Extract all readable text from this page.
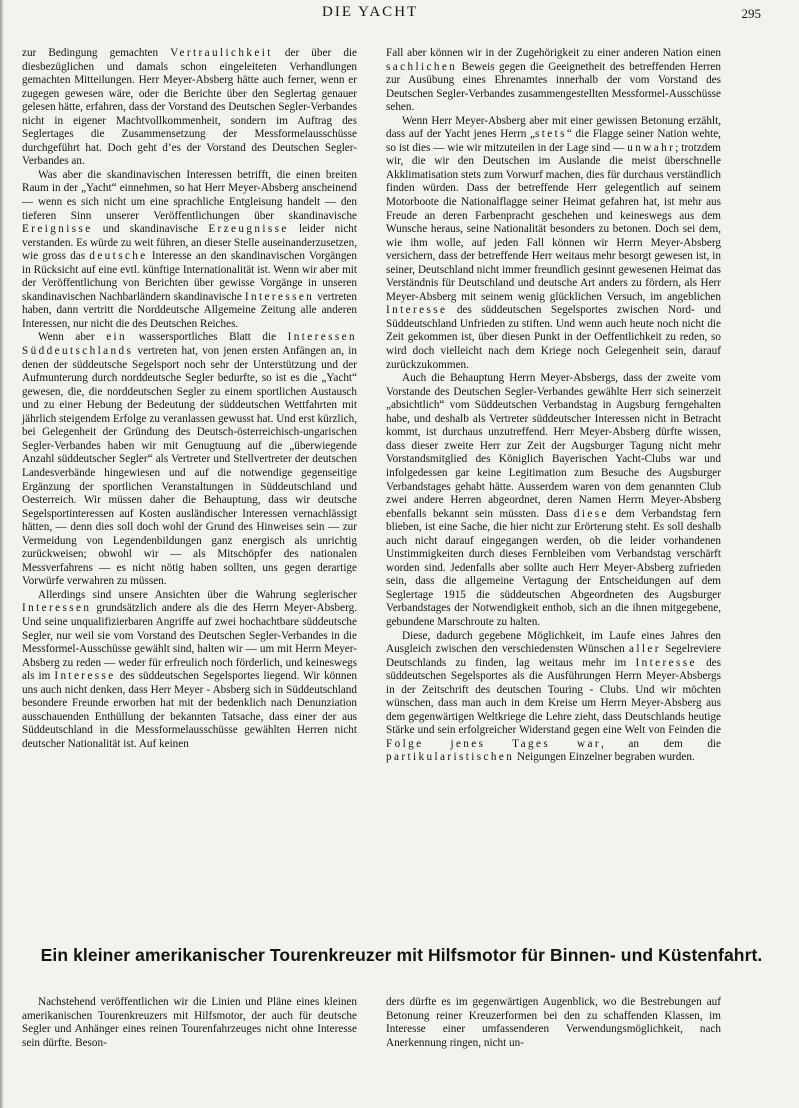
DIE YACHT	295

zur Bedingung gemachten Vertraulichkeit der über die diesbezüglichen und damals schon eingeleiteten Verhandlungen gemachten Mitteilungen. Herr Meyer-Absberg hätte auch ferner, wenn er zugegen gewesen wäre, oder die Berichte über den Seglertag genauer gelesen hätte, erfahren, dass der Vorstand des Deutschen Segler-Verbandes nicht in eigener Machtvollkommenheit, sondern im Auftrag des Seglertages die Zusammensetzung der Messformelausschüsse durchgeführt hat. Doch geht d’es der Vorstand des Deutschen Segler-Verbandes an.

Was aber die skandinavischen Interessen betrifft, die einen breiten Raum in der „Yacht“ einnehmen, so hat Herr Meyer-Absberg anscheinend — wenn es sich nicht um eine sprachliche Entgleisung handelt — den tieferen Sinn unserer Veröffentlichungen über skandinavische Ereignisse und skandinavische Erzeugnisse leider nicht verstanden. Es würde zu weit führen, an dieser Stelle auseinanderzusetzen, wie gross das deutsche Interesse an den skandinavischen Vorgängen in Rücksicht auf eine evtl. künftige Internationalität ist. Wenn wir aber mit der Veröffentlichung von Berichten über gewisse Vorgänge in unseren skandinavischen Nachbarländern skandinavische Interessen vertreten haben, dann vertritt die Norddeutsche Allgemeine Zeitung alle anderen Interessen, nur nicht die des Deutschen Reiches.

Wenn aber ein wassersportliches Blatt die Interessen Süddeutschlands vertreten hat, von jenen ersten Anfängen an, in denen der süddeutsche Segelsport noch sehr der Unterstützung und der Aufmunterung durch norddeutsche Segler bedurfte, so ist es die „Yacht“ gewesen, die, die norddeutschen Segler zu einem sportlichen Austausch und zu einer Hebung der Bedeutung der süddeutschen Wettfahrten mit jährlich steigendem Erfolge zu veranlassen gewusst hat. Und erst kürzlich, bei Gelegenheit der Gründung des Deutsch-österreichisch-ungarischen Segler-Verbandes haben wir mit Genugtuung auf die „überwiegende Anzahl süddeutscher Segler“ als Vertreter und Stellvertreter der deutschen Landesverbände hingewiesen und auf die notwendige gegenseitige Ergänzung der sportlichen Veranstaltungen in Süddeutschland und Oesterreich. Wir müssen daher die Behauptung, dass wir deutsche Segelsportinteressen auf Kosten ausländischer Interessen vernachlässigt hätten, — denn dies soll doch wohl der Grund des Hinweises sein — zur Vermeidung von Legendenbildungen ganz energisch als unrichtig zurückweisen; obwohl wir — als Mitschöpfer des nationalen Messverfahrens — es nicht nötig haben sollten, uns gegen derartige Vorwürfe verwahren zu müssen.

Allerdings sind unsere Ansichten über die Wahrung seglerischer Interessen grundsätzlich andere als die des Herrn Meyer-Absberg. Und seine unqualifizierbaren Angriffe auf zwei hochachtbare süddeutsche Segler, nur weil sie vom Vorstand des Deutschen Segler-Verbandes in die Messformel-Ausschüsse gewählt sind, halten wir — um mit Herrn Meyer-Absberg zu reden — weder für erfreulich noch förderlich, und keineswegs als im Interesse des süddeutschen Segelsportes liegend. Wir können uns auch nicht denken, dass Herr Meyer - Absberg sich in Süddeutschland besondere Freunde erworben hat mit der bedenklich nach Denunziation ausschauenden Enthüllung der bekannten Tatsache, dass einer der aus Süddeutschland in die Messformelausschüsse gewählten Herren nicht deutscher Nationalität ist. Auf keinen

Fall aber können wir in der Zugehörigkeit zu einer anderen Nation einen sachlichen Beweis gegen die Geeignetheit des betreffenden Herren zur Ausübung eines Ehrenamtes innerhalb der vom Vorstand des Deutschen Segler-Verbandes zusammengestellten Messformel-Ausschüsse sehen.

Wenn Herr Meyer-Absberg aber mit einer gewissen Betonung erzählt, dass auf der Yacht jenes Herrn „stets“ die Flagge seiner Nation wehte, so ist dies — wie wir mitzuteilen in der Lage sind — unwahr; trotzdem wir, die wir den Deutschen im Auslande die meist überschnelle Akklimatisation stets zum Vorwurf machen, dies für durchaus verständlich finden würden. Dass der betreffende Herr gelegentlich auf seinem Motorboote die Nationalflagge seiner Heimat gefahren hat, ist mehr aus Freude an deren Farbenpracht geschehen und keineswegs aus dem Wunsche heraus, seine Nationalität besonders zu betonen. Doch sei dem, wie ihm wolle, auf jeden Fall können wir Herrn Meyer-Absberg versichern, dass der betreffende Herr weitaus mehr besorgt gewesen ist, in seiner, Deutschland nicht immer freundlich gesinnt gewesenen Heimat das Verständnis für Deutschland und deutsche Art anders zu fördern, als Herr Meyer-Absberg mit seinem wenig glücklichen Versuch, im angeblichen Interesse des süddeutschen Segelsportes zwischen Nord- und Süddeutschland Unfrieden zu stiften. Und wenn auch heute noch nicht die Zeit gekommen ist, über diesen Punkt in der Oeffentlichkeit zu reden, so wird doch vielleicht nach dem Kriege noch Gelegenheit sein, darauf zurückzukommen.

Auch die Behauptung Herrn Meyer-Absbergs, dass der zweite vom Vorstande des Deutschen Segler-Verbandes gewählte Herr sich seinerzeit „absichtlich“ vom Süddeutschen Verbandstag in Augsburg ferngehalten habe, und deshalb als Vertreter süddeutscher Interessen nicht in Betracht kommt, ist durchaus unzutreffend. Herr Meyer-Absberg dürfte wissen, dass dieser zweite Herr zur Zeit der Augsburger Tagung nicht mehr Vorstandsmitglied des Königlich Bayerischen Yacht-Clubs war und infolgedessen gar keine Legitimation zum Besuche des Augsburger Verbandstages gehabt hätte. Ausserdem waren von dem genannten Club zwei andere Herren abgeordnet, deren Namen Herrn Meyer-Absberg ebenfalls bekannt sein müssten. Dass diese dem Verbandstag fern blieben, ist eine Sache, die hier nicht zur Erörterung steht. Es soll deshalb auch nicht darauf eingegangen werden, ob die leider vorhandenen Unstimmigkeiten durch dieses Fernbleiben vom Verbandstag verschärft worden sind. Jedenfalls aber sollte auch Herr Meyer-Absberg zufrieden sein, dass die allgemeine Vertagung der Entscheidungen auf dem Seglertage 1915 die süddeutschen Abgeordneten des Augsburger Verbandstages der Notwendigkeit enthob, sich an die ihnen mitgegebene, gebundene Marschroute zu halten.

Diese, dadurch gegebene Möglichkeit, im Laufe eines Jahres den Ausgleich zwischen den verschiedensten Wünschen aller Segelreviere Deutschlands zu finden, lag weitaus mehr im Interesse des süddeutschen Segelsportes als die Ausführungen Herrn Meyer-Absbergs in der Zeitschrift des deutschen Touring - Clubs. Und wir möchten wünschen, dass man auch in dem Kreise um Herrn Meyer-Absberg aus dem gegenwärtigen Weltkriege die Lehre zieht, dass Deutschlands heutige Stärke und sein erfolgreicher Widerstand gegen eine Welt von Feinden die Folge jenes Tages war, an dem die partikularistischen Neigungen Einzelner begraben wurden.

Ein kleiner amerikanischer Tourenkreuzer mit Hilfsmotor für Binnen- und Küstenfahrt.
Nachstehend veröffentlichen wir die Linien und Pläne eines kleinen amerikanischen Tourenkreuzers mit Hilfsmotor, der auch für deutsche Segler und Anhänger eines reinen Tourenfahrzeuges nicht ohne Interesse sein dürfte. Beson-
ders dürfte es im gegenwärtigen Augenblick, wo die Bestrebungen auf Betonung reiner Kreuzerformen bei den zu schaffenden Klassen, im Interesse einer umfassenderen Verwendungsmöglichkeit, nach Anerkennung ringen, nicht un-
